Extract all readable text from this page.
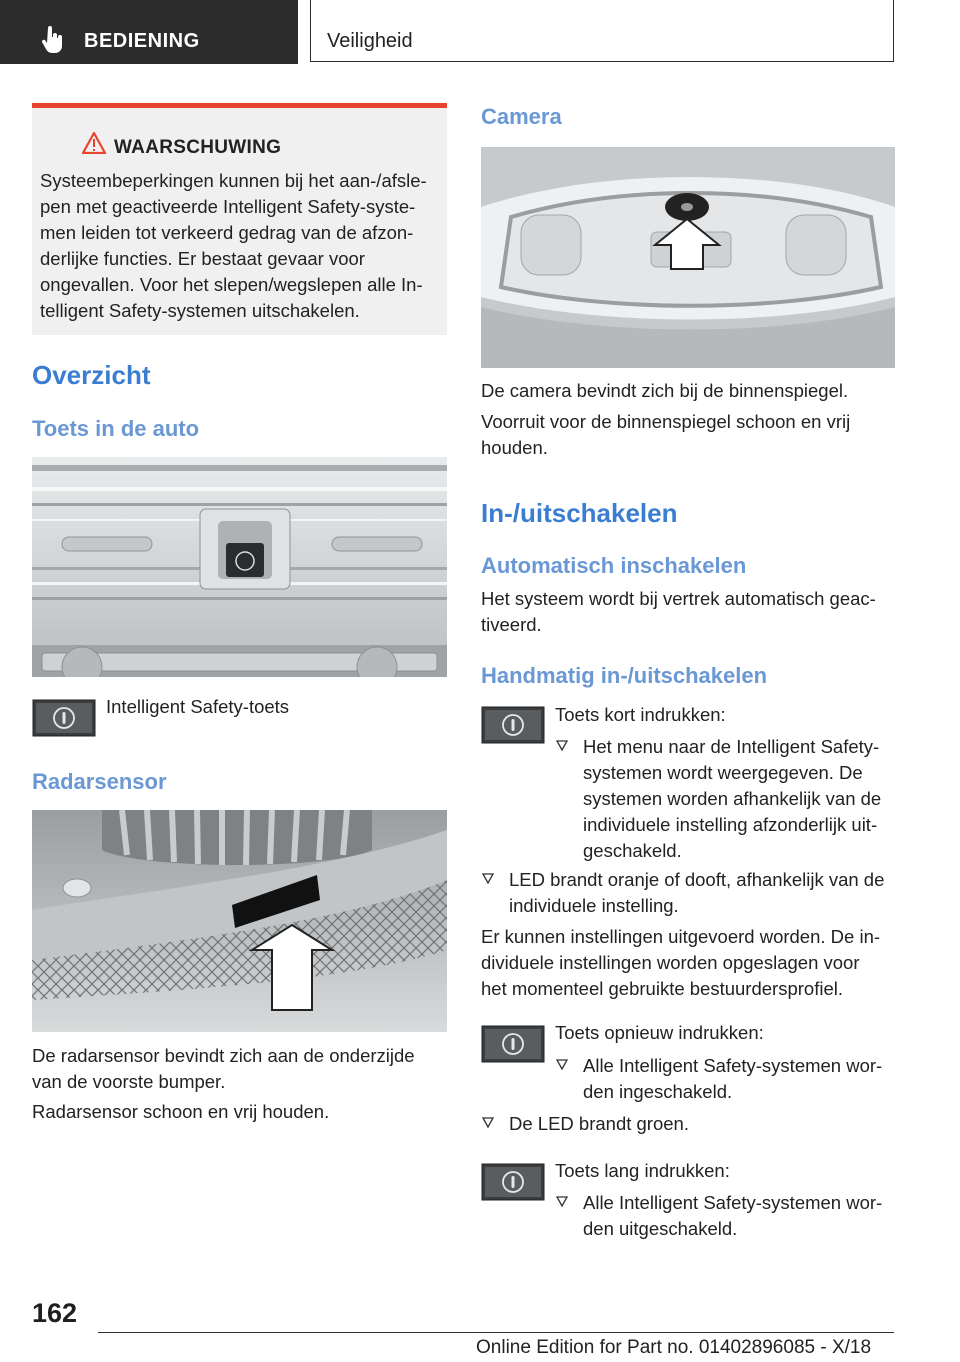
BEDIENING	Veiligheid
WAARSCHUWING
Systeembeperkingen kunnen bij het aan-/afsle-
pen met geactiveerde Intelligent Safety-syste-
men leiden tot verkeerd gedrag van de afzon-
derlijke functies. Er bestaat gevaar voor
ongevallen. Voor het slepen/wegslepen alle In-
telligent Safety-systemen uitschakelen.
Overzicht
Toets in de auto
Intelligent Safety-toets
Radarsensor
De radarsensor bevindt zich aan de onderzijde
van de voorste bumper.
Radarsensor schoon en vrij houden.
Camera
De camera bevindt zich bij de binnenspiegel.
Voorruit voor de binnenspiegel schoon en vrij
houden.
In-/uitschakelen
Automatisch inschakelen
Het systeem wordt bij vertrek automatisch geac-
tiveerd.
Handmatig in-/uitschakelen
Toets kort indrukken:
Het menu naar de Intelligent Safety-
systemen wordt weergegeven. De
systemen worden afhankelijk van de
individuele instelling afzonderlijk uit-
geschakeld.
LED brandt oranje of dooft, afhankelijk van de
individuele instelling.
Er kunnen instellingen uitgevoerd worden. De in-
dividuele instellingen worden opgeslagen voor
het momenteel gebruikte bestuurdersprofiel.
Toets opnieuw indrukken:
Alle Intelligent Safety-systemen wor-
den ingeschakeld.
De LED brandt groen.
Toets lang indrukken:
Alle Intelligent Safety-systemen wor-
den uitgeschakeld.
162
Online Edition for Part no. 01402896085 - X/18
